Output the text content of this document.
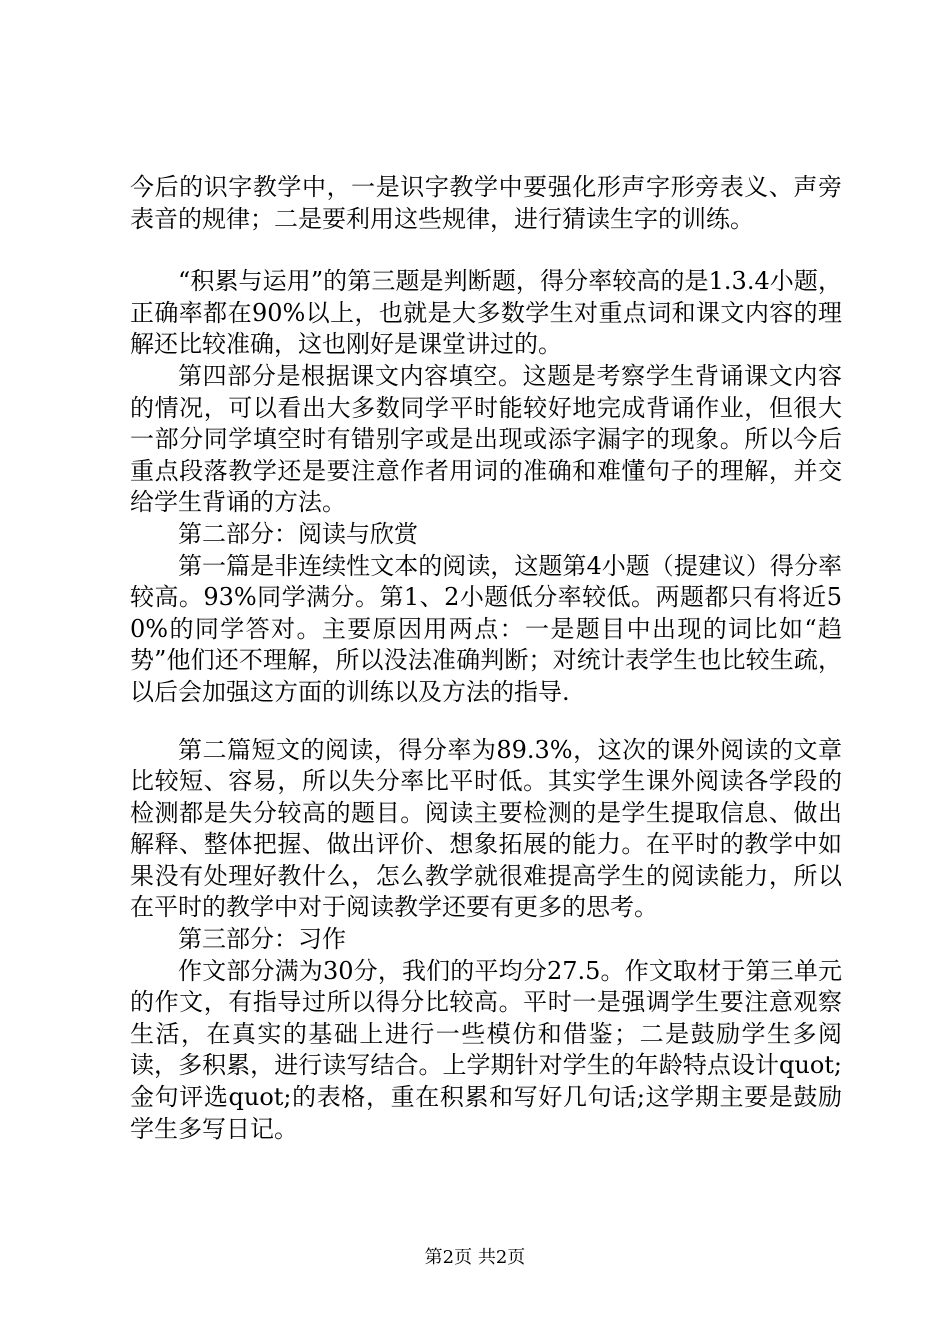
今后的识字教学中，一是识字教学中要强化形声字形旁表义、声旁表音的规律；二是要利用这些规律，进行猜读生字的训练。

“积累与运用”的第三题是判断题，得分率较高的是1.3.4小题，正确率都在90%以上，也就是大多数学生对重点词和课文内容的理解还比较准确，这也刚好是课堂讲过的。

第四部分是根据课文内容填空。这题是考察学生背诵课文内容的情况，可以看出大多数同学平时能较好地完成背诵作业，但很大一部分同学填空时有错别字或是出现或添字漏字的现象。所以今后重点段落教学还是要注意作者用词的准确和难懂句子的理解，并交给学生背诵的方法。

第二部分：阅读与欣赏

第一篇是非连续性文本的阅读，这题第4小题（提建议）得分率较高。93%同学满分。第1、2小题低分率较低。两题都只有将近50%的同学答对。主要原因用两点：一是题目中出现的词比如“趋势”他们还不理解，所以没法准确判断；对统计表学生也比较生疏，以后会加强这方面的训练以及方法的指导.

第二篇短文的阅读，得分率为89.3%，这次的课外阅读的文章比较短、容易，所以失分率比平时低。其实学生课外阅读各学段的检测都是失分较高的题目。阅读主要检测的是学生提取信息、做出解释、整体把握、做出评价、想象拓展的能力。在平时的教学中如果没有处理好教什么，怎么教学就很难提高学生的阅读能力，所以在平时的教学中对于阅读教学还要有更多的思考。

第三部分：习作

作文部分满为30分，我们的平均分27.5。作文取材于第三单元的作文，有指导过所以得分比较高。平时一是强调学生要注意观察生活，在真实的基础上进行一些模仿和借鉴；二是鼓励学生多阅读，多积累，进行读写结合。上学期针对学生的年龄特点设计quot;金句评选quot;的表格，重在积累和写好几句话;这学期主要是鼓励学生多写日记。

第2页 共2页
